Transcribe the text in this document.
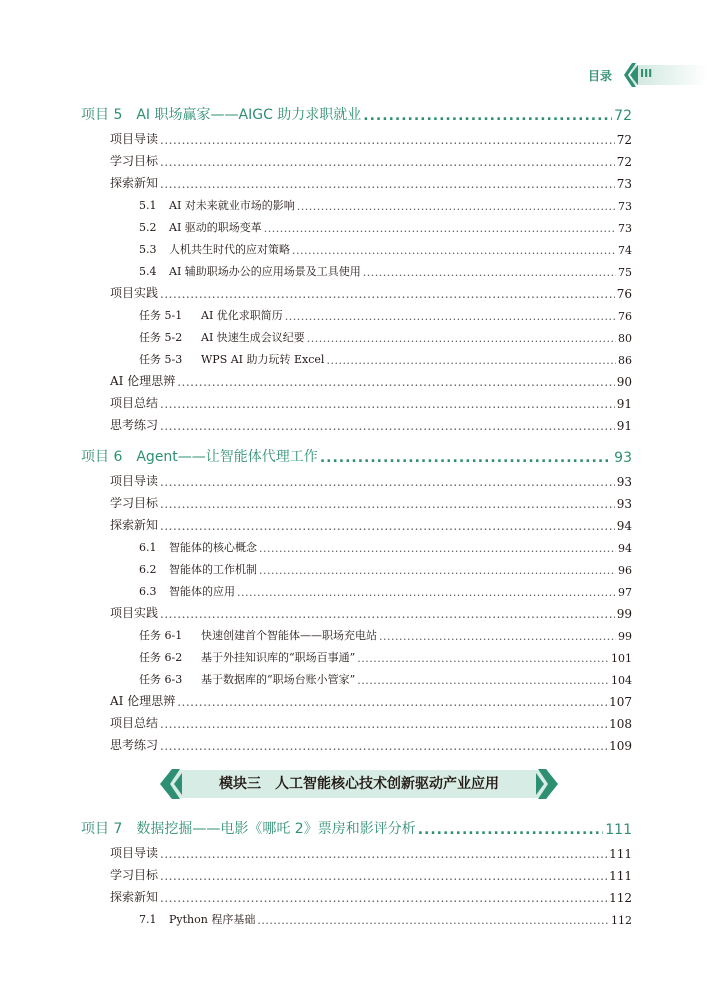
目录	III
项目 5　 AI 职场赢家——AIGC 助力求职就业 .....	72
项目导读 .....	72
学习目标 .....	72
探索新知 .....	73
5.1 AI 对未来就业市场的影响 .....	73
5.2 AI 驱动的职场变革 .....	73
5.3 人机共生时代的应对策略 .....	74
5.4 AI 辅助职场办公的应用场景及工具使用 .....	75
项目实践 .....	76
任务 5-1 AI 优化求职简历 .....	76
任务 5-2 AI 快速生成会议纪要 .....	80
任务 5-3 WPS AI 助力玩转 Excel .....	86
AI 伦理思辨 .....	90
项目总结 .....	91
思考练习 .....	91
项目 6　 Agent——让智能体代理工作 .....	93
项目导读 .....	93
学习目标 .....	93
探索新知 .....	94
6.1 智能体的核心概念 .....	94
6.2 智能体的工作机制 .....	96
6.3 智能体的应用 .....	97
项目实践 .....	99
任务 6-1 快速创建首个智能体——职场充电站 .....	99
任务 6-2 基于外挂知识库的“职场百事通” .....	101
任务 6-3 基于数据库的“职场台账小管家” .....	104
AI 伦理思辨 .....	107
项目总结 .....	108
思考练习 .....	109
项目 7　 数据挖掘——电影《哪吒 2》票房和影评分析 .....	111
项目导读 .....	111
学习目标 .....	111
探索新知 .....	112
7.1 Python 程序基础 .....	112
模块三　人工智能核心技术创新驱动产业应用
